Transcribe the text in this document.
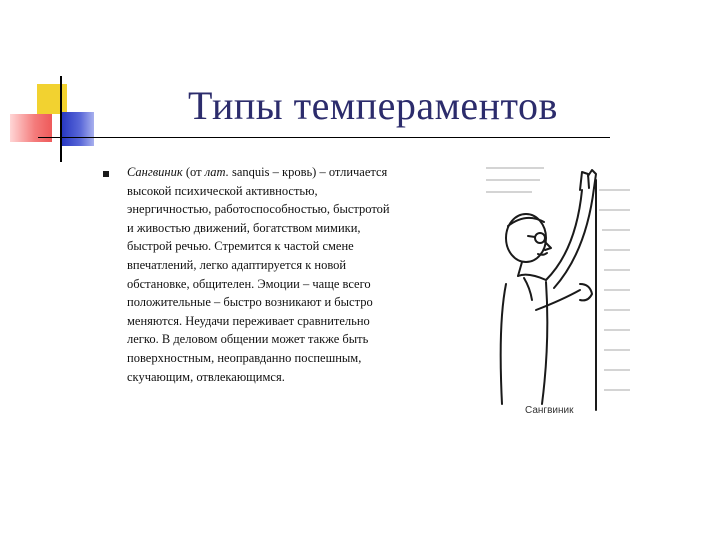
Типы темпераментов
Сангвиник (от лат. sanquis – кровь) – отличается высокой психической активностью, энергичностью, работоспособностью, быстротой и живостью движений, богатством мимики, быстрой речью. Стремится к частой смене впечатлений, легко адаптируется к новой обстановке, общителен. Эмоции – чаще всего положительные – быстро возникают и быстро меняются. Неудачи переживает сравнительно легко. В деловом общении может также быть поверхностным, неоправданно поспешным, скучающим, отвлекающимся.
Сангвиник
